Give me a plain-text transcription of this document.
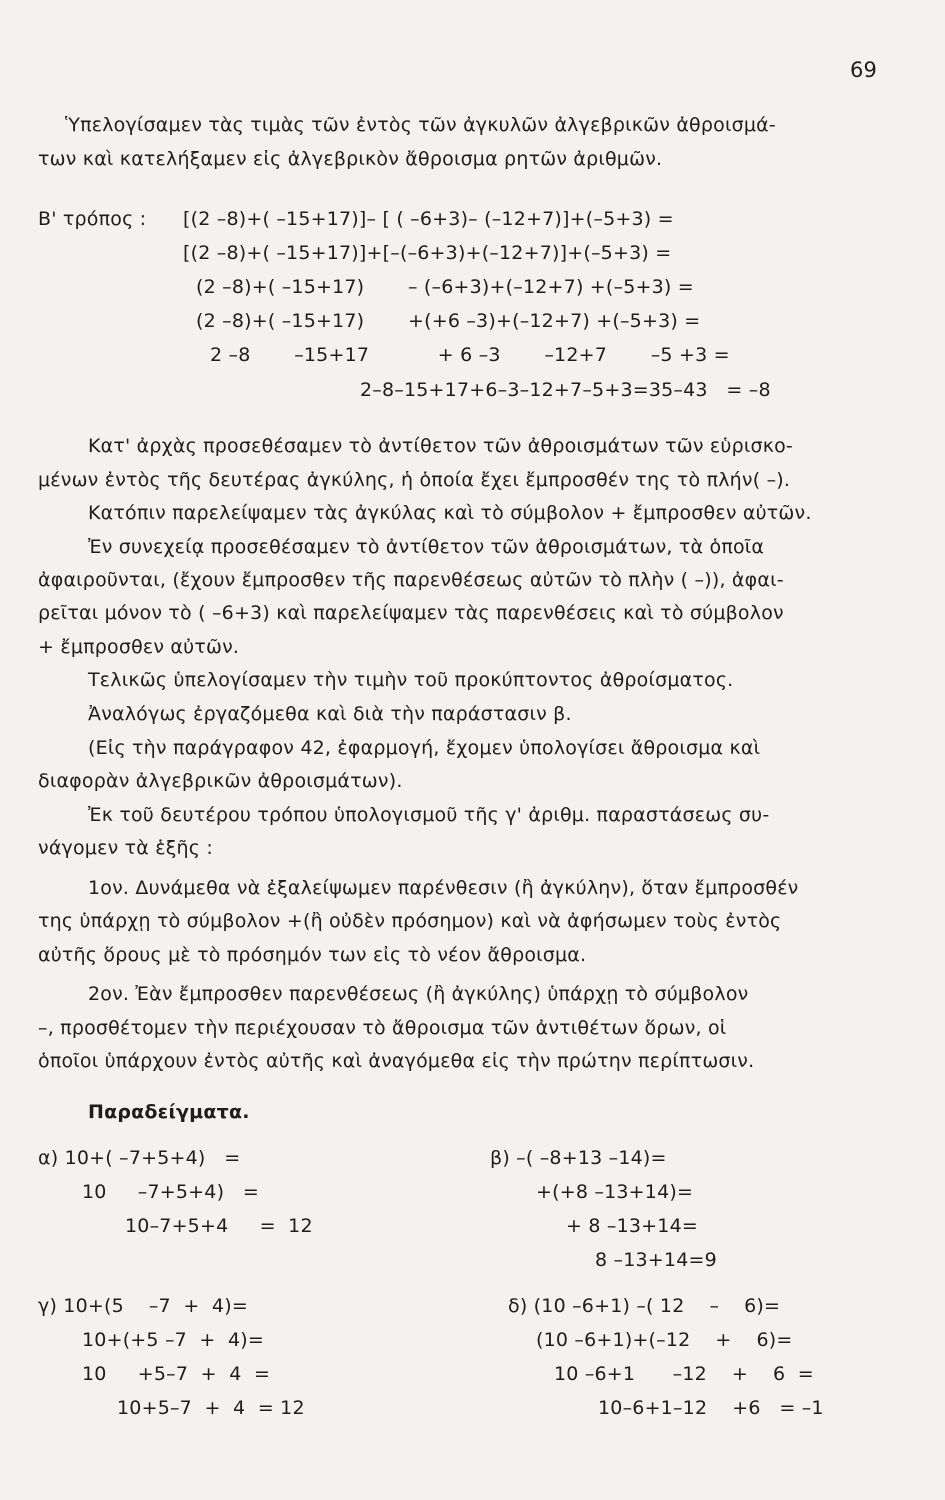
69
Ὑπελογίσαμεν τὰς τιμὰς τῶν ἐντὸς τῶν ἀγκυλῶν ἀλγεβρικῶν ἀθροισμά-
των καὶ κατελήξαμεν εἰς ἀλγεβρικὸν ἄθροισμα ρητῶν ἀριθμῶν.
Β' τρόπος : [(2 –8)+( –15+17)]– [ ( –6+3)– (–12+7)]+(–5+3) =
[(2 –8)+( –15+17)]+[–(–6+3)+(–12+7)]+(–5+3) =
(2 –8)+( –15+17)       – (–6+3)+(–12+7) +(–5+3) =
(2 –8)+( –15+17)       +(+6 –3)+(–12+7) +(–5+3) =
2 –8       –15+17           + 6 –3       –12+7       –5 +3 =
2–8–15+17+6–3–12+7–5+3=35–43   = –8
Κατ' ἀρχὰς προσεθέσαμεν τὸ ἀντίθετον τῶν ἀθροισμάτων τῶν εὑρισκο-
μένων ἐντὸς τῆς δευτέρας ἀγκύλης, ἡ ὁποία ἔχει ἔμπροσθέν της τὸ πλήν( –).
Κατόπιν παρελείψαμεν τὰς ἀγκύλας καὶ τὸ σύμβολον + ἔμπροσθεν αὐτῶν.
Ἐν συνεχείᾳ προσεθέσαμεν τὸ ἀντίθετον τῶν ἀθροισμάτων, τὰ ὁποῖα
ἀφαιροῦνται, (ἔχουν ἔμπροσθεν τῆς παρενθέσεως αὐτῶν τὸ πλὴν ( –)), ἀφαι-
ρεῖται μόνον τὸ ( –6+3) καὶ παρελείψαμεν τὰς παρενθέσεις καὶ τὸ σύμβολον
+ ἔμπροσθεν αὐτῶν.
Τελικῶς ὑπελογίσαμεν τὴν τιμὴν τοῦ προκύπτοντος ἀθροίσματος.
Ἀναλόγως ἐργαζόμεθα καὶ διὰ τὴν παράστασιν β.
(Εἰς τὴν παράγραφον 42, ἐφαρμογή, ἔχομεν ὑπολογίσει ἄθροισμα καὶ
διαφορὰν ἀλγεβρικῶν ἀθροισμάτων).
Ἐκ τοῦ δευτέρου τρόπου ὑπολογισμοῦ τῆς γ' ἀριθμ. παραστάσεως συ-
νάγομεν τὰ ἑξῆς :
1ον. Δυνάμεθα νὰ ἐξαλείψωμεν παρένθεσιν (ἢ ἀγκύλην), ὅταν ἔμπροσθέν
της ὑπάρχῃ τὸ σύμβολον +(ἢ οὐδὲν πρόσημον) καὶ νὰ ἀφήσωμεν τοὺς ἐντὸς
αὐτῆς ὅρους μὲ τὸ πρόσημόν των εἰς τὸ νέον ἄθροισμα.
2ον. Ἐὰν ἔμπροσθεν παρενθέσεως (ἢ ἀγκύλης) ὑπάρχῃ τὸ σύμβολον
–, προσθέτομεν τὴν περιέχουσαν τὸ ἄθροισμα τῶν ἀντιθέτων ὅρων, οἱ
ὁποῖοι ὑπάρχουν ἐντὸς αὐτῆς καὶ ἀναγόμεθα εἰς τὴν πρώτην περίπτωσιν.
Παραδείγματα.
α) 10+( –7+5+4)   =
10     –7+5+4)   =
10–7+5+4     =  12
β) –( –8+13 –14)=
+(+8 –13+14)=
+ 8 –13+14=
8 –13+14=9
γ) 10+(5    –7  +  4)=
10+(+5 –7  +  4)=
10     +5–7  +  4  =
10+5–7  +  4  = 12
δ) (10 –6+1) –( 12    –    6)=
(10 –6+1)+(–12    +    6)=
10 –6+1      –12    +    6  =
10–6+1–12    +6   = –1
